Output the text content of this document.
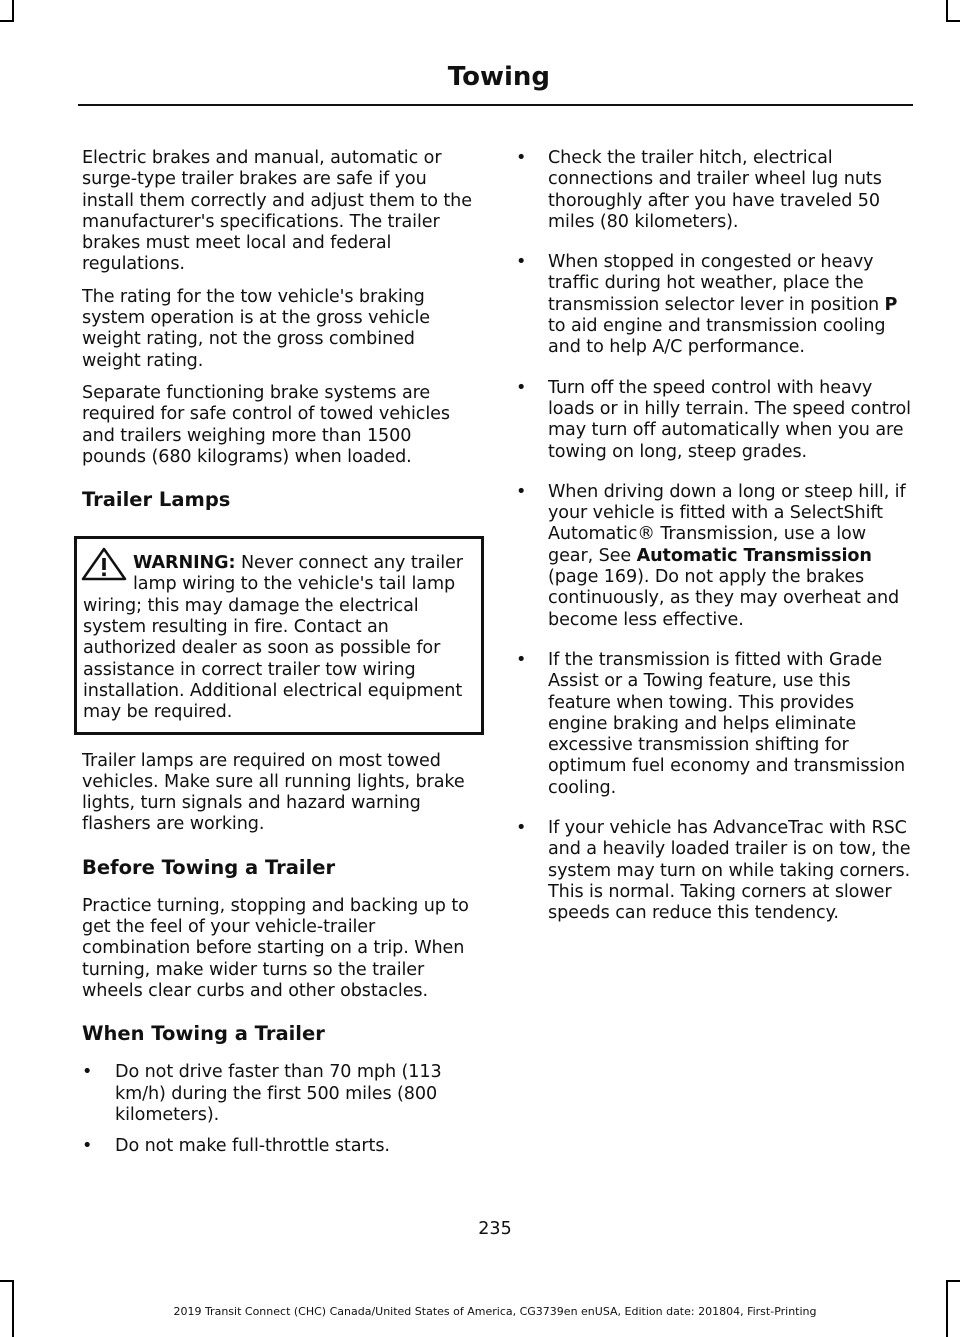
Towing

Electric brakes and manual, automatic or surge-type trailer brakes are safe if you install them correctly and adjust them to the manufacturer's specifications. The trailer brakes must meet local and federal regulations.

The rating for the tow vehicle's braking system operation is at the gross vehicle weight rating, not the gross combined weight rating.

Separate functioning brake systems are required for safe control of towed vehicles and trailers weighing more than 1500 pounds (680 kilograms) when loaded.

Trailer Lamps

WARNING: Never connect any trailer lamp wiring to the vehicle's tail lamp wiring; this may damage the electrical system resulting in fire. Contact an authorized dealer as soon as possible for assistance in correct trailer tow wiring installation. Additional electrical equipment may be required.

Trailer lamps are required on most towed vehicles. Make sure all running lights, brake lights, turn signals and hazard warning flashers are working.

Before Towing a Trailer

Practice turning, stopping and backing up to get the feel of your vehicle-trailer combination before starting on a trip. When turning, make wider turns so the trailer wheels clear curbs and other obstacles.

When Towing a Trailer
• Do not drive faster than 70 mph (113 km/h) during the first 500 miles (800 kilometers).
• Do not make full-throttle starts.
• Check the trailer hitch, electrical connections and trailer wheel lug nuts thoroughly after you have traveled 50 miles (80 kilometers).
• When stopped in congested or heavy traffic during hot weather, place the transmission selector lever in position P to aid engine and transmission cooling and to help A/C performance.
• Turn off the speed control with heavy loads or in hilly terrain. The speed control may turn off automatically when you are towing on long, steep grades.
• When driving down a long or steep hill, if your vehicle is fitted with a SelectShift Automatic® Transmission, use a low gear, See Automatic Transmission (page 169). Do not apply the brakes continuously, as they may overheat and become less effective.
• If the transmission is fitted with Grade Assist or a Towing feature, use this feature when towing. This provides engine braking and helps eliminate excessive transmission shifting for optimum fuel economy and transmission cooling.
• If your vehicle has AdvanceTrac with RSC and a heavily loaded trailer is on tow, the system may turn on while taking corners. This is normal. Taking corners at slower speeds can reduce this tendency.
235
2019 Transit Connect (CHC) Canada/United States of America, CG3739en enUSA, Edition date: 201804, First-Printing
